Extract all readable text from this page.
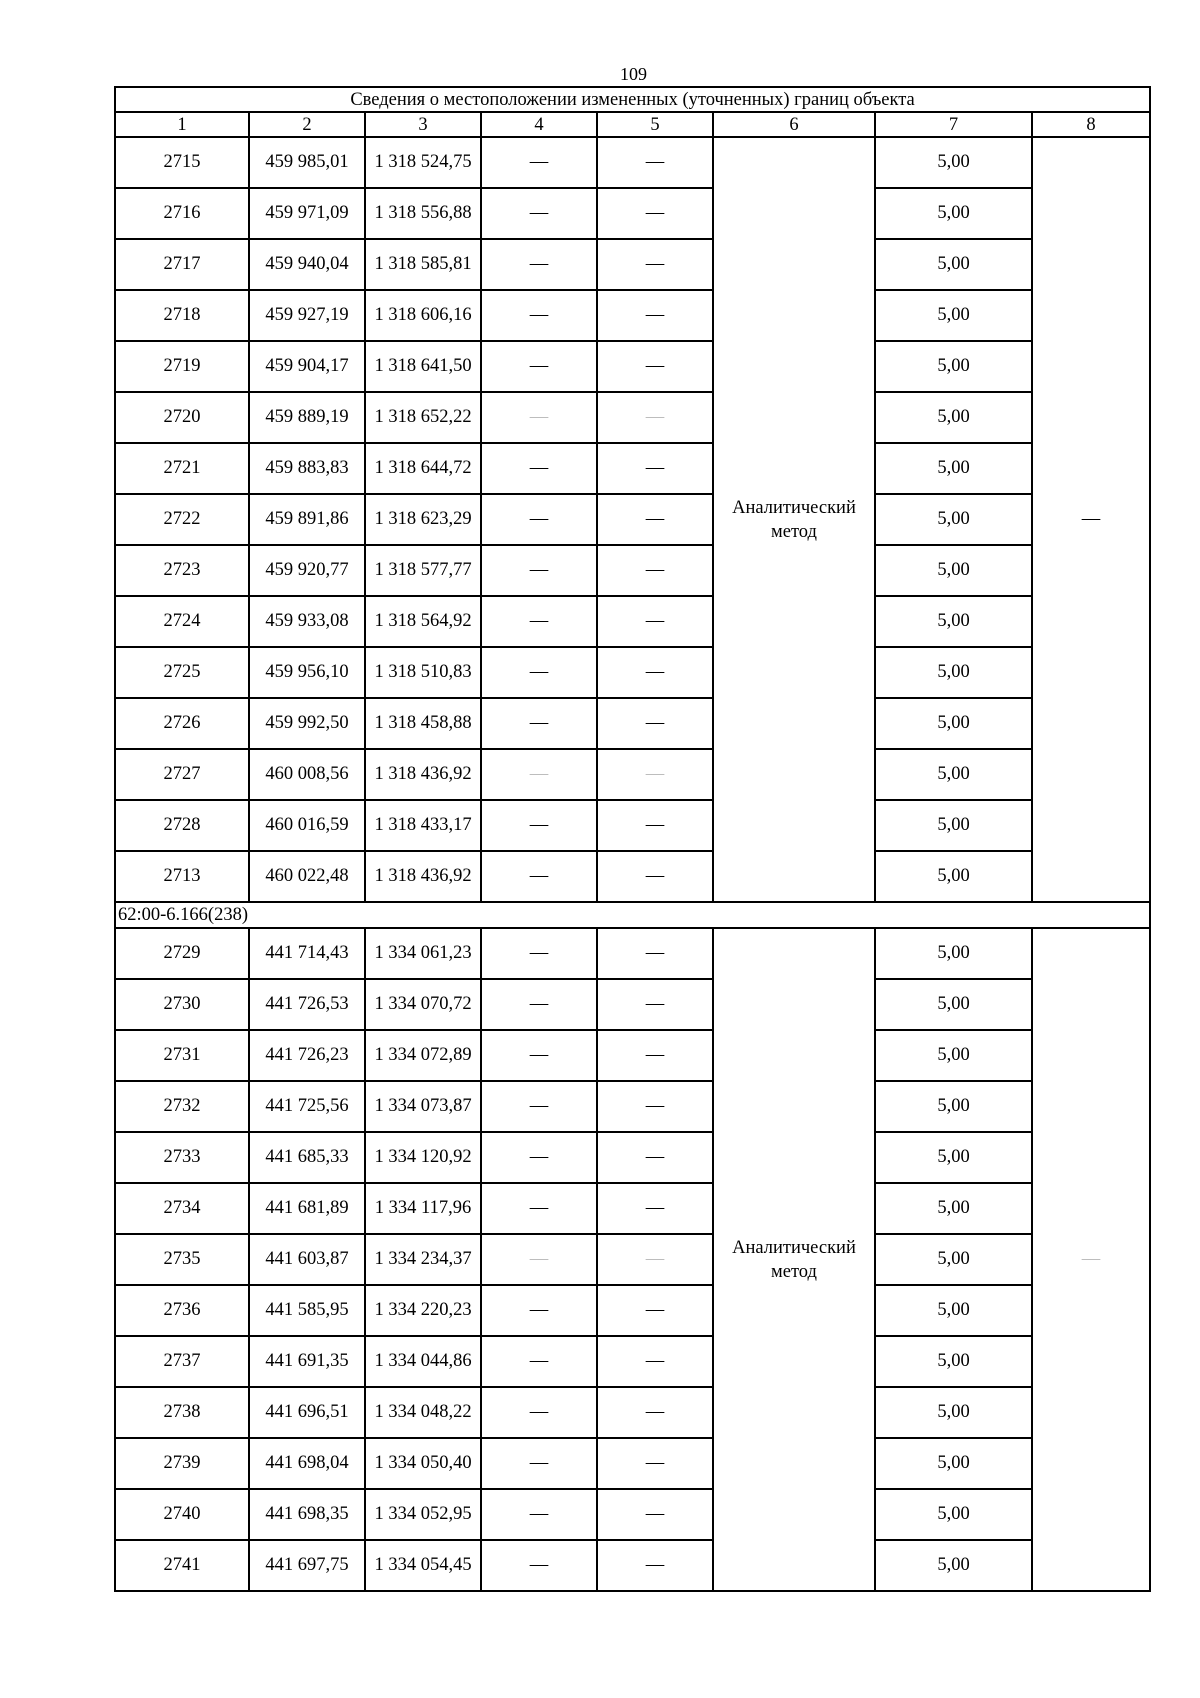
109
Сведения о местоположении измененных (уточненных) границ объекта							
1	2	3	4	5	6	7	8
2715	459 985,01	1 318 524,75	—	—	Аналитический метод	5,00	—
2716	459 971,09	1 318 556,88	—	—		5,00	
2717	459 940,04	1 318 585,81	—	—		5,00	
2718	459 927,19	1 318 606,16	—	—		5,00	
2719	459 904,17	1 318 641,50	—	—		5,00	
2720	459 889,19	1 318 652,22	—	—		5,00	
2721	459 883,83	1 318 644,72	—	—		5,00	
2722	459 891,86	1 318 623,29	—	—		5,00	
2723	459 920,77	1 318 577,77	—	—		5,00	
2724	459 933,08	1 318 564,92	—	—		5,00	
2725	459 956,10	1 318 510,83	—	—		5,00	
2726	459 992,50	1 318 458,88	—	—		5,00	
2727	460 008,56	1 318 436,92	—	—		5,00	
2728	460 016,59	1 318 433,17	—	—		5,00	
2713	460 022,48	1 318 436,92	—	—		5,00	
62:00-6.166(238)							
2729	441 714,43	1 334 061,23	—	—	Аналитический метод	5,00	—
2730	441 726,53	1 334 070,72	—	—		5,00	
2731	441 726,23	1 334 072,89	—	—		5,00	
2732	441 725,56	1 334 073,87	—	—		5,00	
2733	441 685,33	1 334 120,92	—	—		5,00	
2734	441 681,89	1 334 117,96	—	—		5,00	
2735	441 603,87	1 334 234,37	—	—		5,00	
2736	441 585,95	1 334 220,23	—	—		5,00	
2737	441 691,35	1 334 044,86	—	—		5,00	
2738	441 696,51	1 334 048,22	—	—		5,00	
2739	441 698,04	1 334 050,40	—	—		5,00	
2740	441 698,35	1 334 052,95	—	—		5,00	
2741	441 697,75	1 334 054,45	—	—		5,00	
